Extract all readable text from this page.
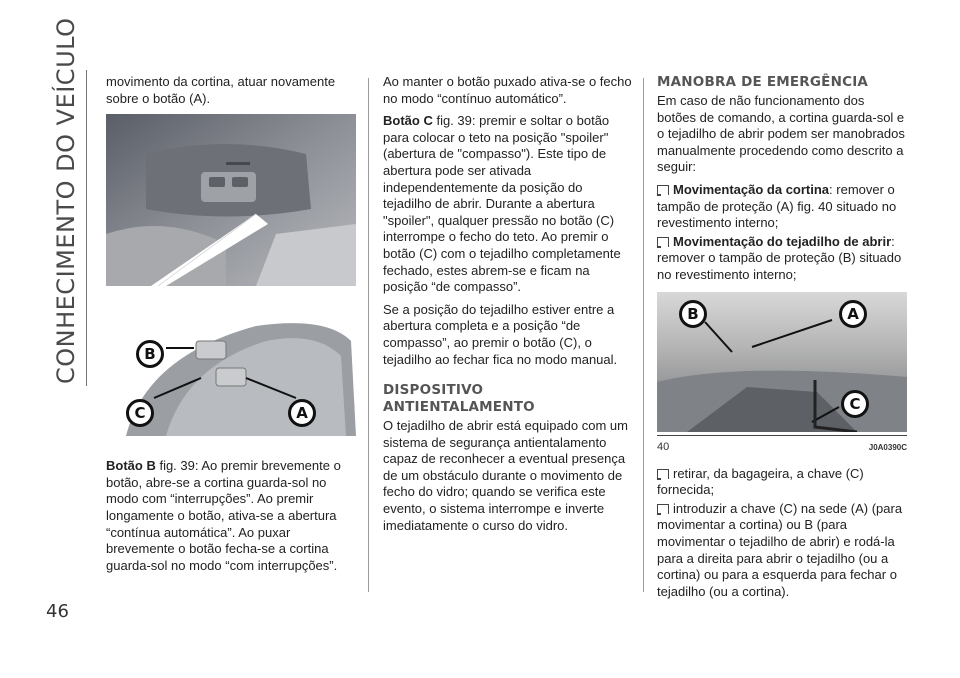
CONHECIMENTO DO VEÍCULO
46

movimento da cortina, atuar novamente sobre o botão (A).

B
C	A

Botão B fig. 39: Ao premir brevemente o botão, abre-se a cortina guarda-sol no modo com “interrupções”. Ao premir longamente o botão, ativa-se a abertura “contínua automática”. Ao puxar brevemente o botão fecha-se a cortina guarda-sol no modo “com interrupções”.

Ao manter o botão puxado ativa-se o fecho no modo “contínuo automático”.

Botão C fig. 39: premir e soltar o botão para colocar o teto na posição "spoiler" (abertura de "compasso"). Este tipo de abertura pode ser ativada independentemente da posição do tejadilho de abrir. Durante a abertura "spoiler", qualquer pressão no botão (C) interrompe o fecho do teto. Ao premir o botão (C) com o tejadilho completamente fechado, estes abrem-se e ficam na posição “de compasso”.

Se a posição do tejadilho estiver entre a abertura completa e a posição “de compasso”, ao premir o botão (C), o tejadilho ao fechar fica no modo manual.

DISPOSITIVO ANTIENTALAMENTO

O tejadilho de abrir está equipado com um sistema de segurança antientalamento capaz de reconhecer a eventual presença de um obstáculo durante o movimento de fecho do vidro; quando se verifica este evento, o sistema interrompe e inverte imediatamente o curso do vidro.

MANOBRA DE EMERGÊNCIA

Em caso de não funcionamento dos botões de comando, a cortina guarda-sol e o tejadilho de abrir podem ser manobrados manualmente procedendo como descrito a seguir:

Movimentação da cortina: remover o tampão de proteção (A) fig. 40 situado no revestimento interno;

Movimentação do tejadilho de abrir: remover o tampão de proteção (B) situado no revestimento interno;

B	A
C
40	J0A0390C

retirar, da bagageira, a chave (C) fornecida;

introduzir a chave (C) na sede (A) (para movimentar a cortina) ou B (para movimentar o tejadilho de abrir) e rodá-la para a direita para abrir o tejadilho (ou a cortina) ou para a esquerda para fechar o tejadilho (ou a cortina).
